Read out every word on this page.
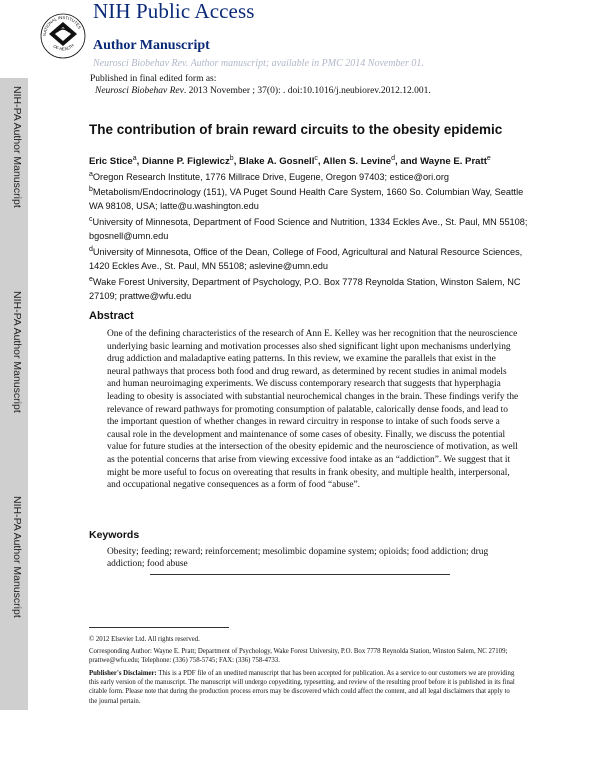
NIH-PA Author Manuscript
NIH-PA Author Manuscript
NIH-PA Author Manuscript
NATIONAL INSTITUTES
OF HEALTH
NIH Public Access
Author Manuscript
Neurosci Biobehav Rev. Author manuscript; available in PMC 2014 November 01.
Published in final edited form as:
Neurosci Biobehav Rev. 2013 November ; 37(0): . doi:10.1016/j.neubiorev.2012.12.001.
The contribution of brain reward circuits to the obesity epidemic
Eric Stice$^a$, Dianne P. Figlewicz$^b$, Blake A. Gosnell$^c$, Allen S. Levine$^d$, and Wayne E. Pratt$^e$
$^a$Oregon Research Institute, 1776 Millrace Drive, Eugene, Oregon 97403; estice@ori.org
$^b$Metabolism/Endocrinology (151), VA Puget Sound Health Care System, 1660 So. Columbian Way, Seattle WA 98108, USA; latte@u.washington.edu
$^c$University of Minnesota, Department of Food Science and Nutrition, 1334 Eckles Ave., St. Paul, MN 55108; bgosnell@umn.edu
$^d$University of Minnesota, Office of the Dean, College of Food, Agricultural and Natural Resource Sciences, 1420 Eckles Ave., St. Paul, MN 55108; aslevine@umn.edu
$^e$Wake Forest University, Department of Psychology, P.O. Box 7778 Reynolda Station, Winston Salem, NC 27109; prattwe@wfu.edu
Abstract
One of the defining characteristics of the research of Ann E. Kelley was her recognition that the neuroscience underlying basic learning and motivation processes also shed significant light upon mechanisms underlying drug addiction and maladaptive eating patterns. In this review, we examine the parallels that exist in the neural pathways that process both food and drug reward, as determined by recent studies in animal models and human neuroimaging experiments. We discuss contemporary research that suggests that hyperphagia leading to obesity is associated with substantial neurochemical changes in the brain. These findings verify the relevance of reward pathways for promoting consumption of palatable, calorically dense foods, and lead to the important question of whether changes in reward circuitry in response to intake of such foods serve a causal role in the development and maintenance of some cases of obesity. Finally, we discuss the potential value for future studies at the intersection of the obesity epidemic and the neuroscience of motivation, as well as the potential concerns that arise from viewing excessive food intake as an “addiction”. We suggest that it might be more useful to focus on overeating that results in frank obesity, and multiple health, interpersonal, and occupational negative consequences as a form of food “abuse”.
Keywords
Obesity; feeding; reward; reinforcement; mesolimbic dopamine system; opioids; food addiction; drug addiction; food abuse
© 2012 Elsevier Ltd. All rights reserved.
Corresponding Author: Wayne E. Pratt; Department of Psychology, Wake Forest University, P.O. Box 7778 Reynolda Station, Winston Salem, NC 27109; prattwe@wfu.edu; Telephone: (336) 758-5745; FAX: (336) 758-4733.
Publisher's Disclaimer: This is a PDF file of an unedited manuscript that has been accepted for publication. As a service to our customers we are providing this early version of the manuscript. The manuscript will undergo copyediting, typesetting, and review of the resulting proof before it is published in its final citable form. Please note that during the production process errors may be discovered which could affect the content, and all legal disclaimers that apply to the journal pertain.
